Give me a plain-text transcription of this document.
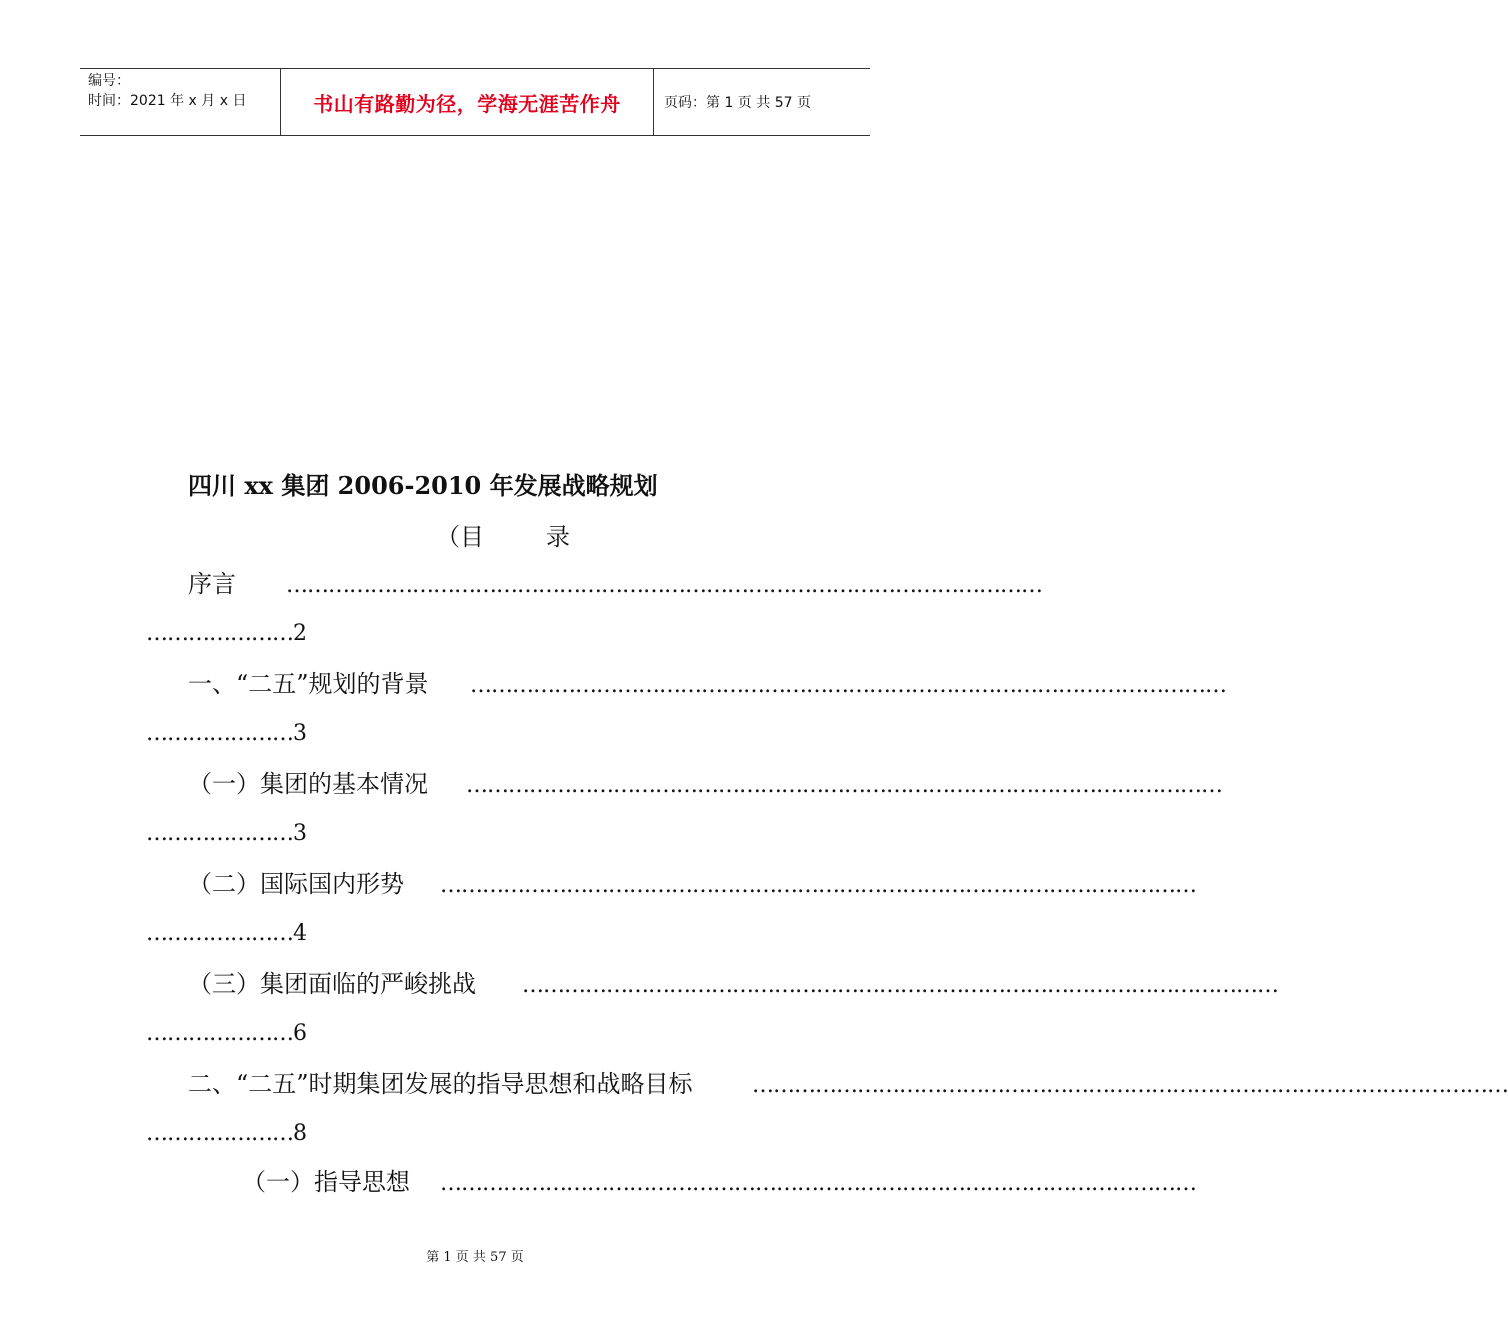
编号：
时间：2021 年 x 月 x 日	书山有路勤为径，学海无涯苦作舟	页码：第 1 页 共 57 页
四川 xx 集团 2006-2010 年发展战略规划
（目	录
序言 ………………………………………………………………………………………………
…………………2
一、“二五”规划的背景 ………………………………………………………………………………………………
…………………3
（一）集团的基本情况 ………………………………………………………………………………………………
…………………3
（二）国际国内形势 ………………………………………………………………………………………………
…………………4
（三）集团面临的严峻挑战 ………………………………………………………………………………………………
…………………6
二、“二五”时期集团发展的指导思想和战略目标	………………………………………………………………………………………………
…………………8
（一）指导思想 ………………………………………………………………………………………………
第 1 页 共 57 页
